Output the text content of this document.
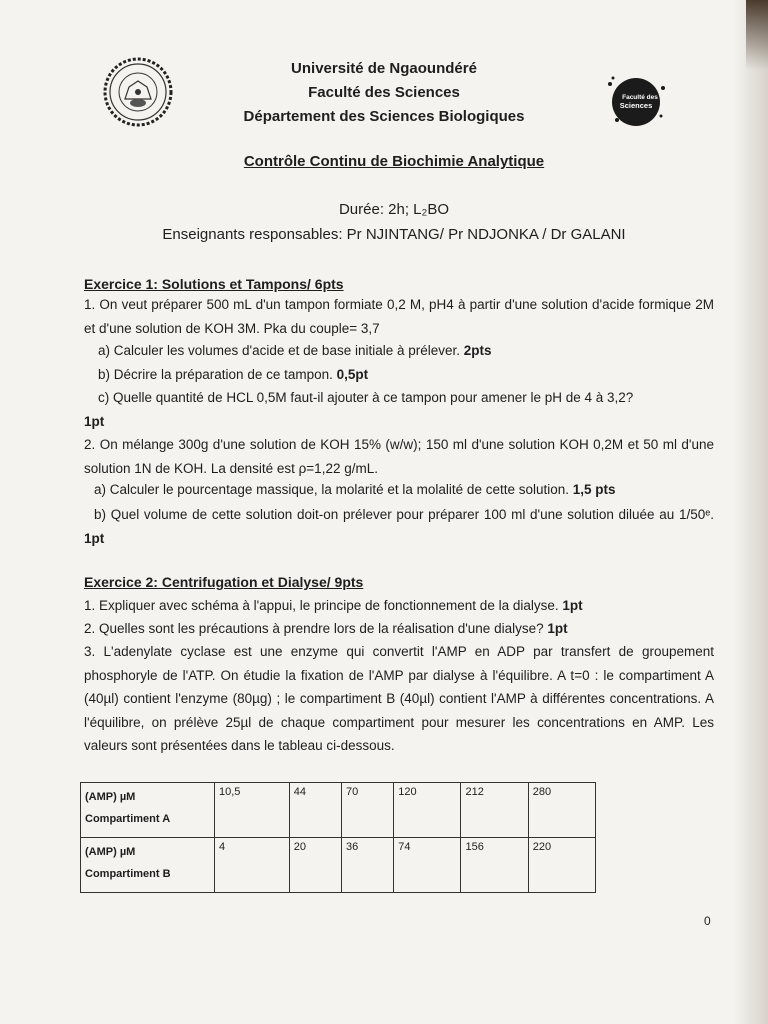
Faculté des
Sciences
Université de Ngaoundéré
Faculté des Sciences
Département des Sciences Biologiques
Contrôle Continu de Biochimie Analytique
Durée: 2h; L₂BO
Enseignants responsables: Pr NJINTANG/ Pr NDJONKA / Dr GALANI
Exercice 1: Solutions et Tampons/ 6pts
1. On veut préparer 500 mL d'un tampon formiate 0,2 M, pH4 à partir d'une solution d'acide formique 2M et d'une solution de KOH 3M. Pka du couple= 3,7
a) Calculer les volumes d'acide et de base initiale à prélever. 2pts
b) Décrire la préparation de ce tampon. 0,5pt
c) Quelle quantité de HCL 0,5M faut-il ajouter à ce tampon pour amener le pH de 4 à 3,2?
1pt
2. On mélange 300g d'une solution de KOH 15% (w/w); 150 ml d'une solution KOH 0,2M et 50 ml d'une solution 1N de KOH. La densité est ρ=1,22 g/mL.
a) Calculer le pourcentage massique, la molarité et la molalité de cette solution. 1,5 pts
b) Quel volume de cette solution doit-on prélever pour préparer 100 ml d'une solution diluée au 1/50ᵉ. 1pt
Exercice 2: Centrifugation et Dialyse/ 9pts
1. Expliquer avec schéma à l'appui, le principe de fonctionnement de la dialyse. 1pt
2. Quelles sont les précautions à prendre lors de la réalisation d'une dialyse? 1pt
3. L'adenylate cyclase est une enzyme qui convertit l'AMP en ADP par transfert de groupement phosphoryle de l'ATP. On étudie la fixation de l'AMP par dialyse à l'équilibre. A t=0 : le compartiment A (40µl) contient l'enzyme (80µg) ; le compartiment B (40µl) contient l'AMP à différentes concentrations. A l'équilibre, on prélève 25µl de chaque compartiment pour mesurer les concentrations en AMP. Les valeurs sont présentées dans le tableau ci-dessous.
(AMP) µM
Compartiment A	10,5	44	70	120	212	280

(AMP) µM
Compartiment B	4	20	36	74	156	220
0
